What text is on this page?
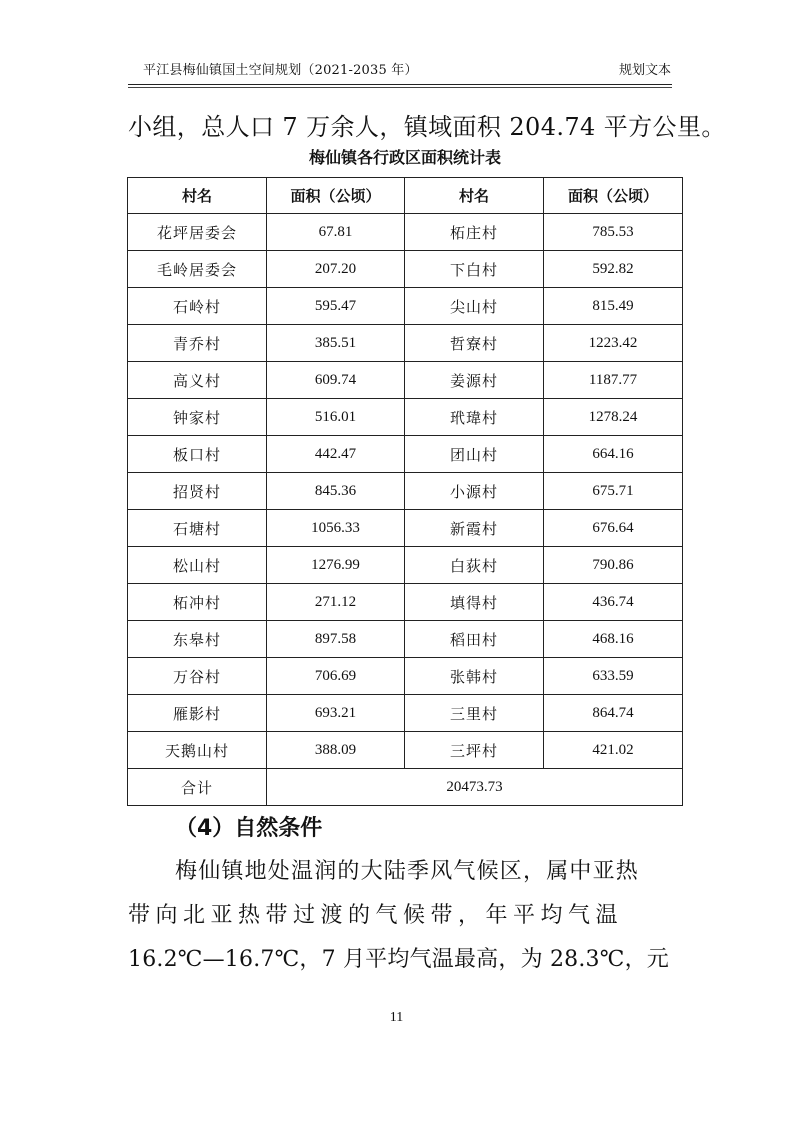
平江县梅仙镇国土空间规划（2021-2035 年）	规划文本
小组，总人口 7 万余人，镇域面积 204.74 平方公里。
梅仙镇各行政区面积统计表
村名	面积（公顷）	村名	面积（公顷）
花坪居委会	67.81	柘庄村	785.53
毛岭居委会	207.20	下白村	592.82
石岭村	595.47	尖山村	815.49
青乔村	385.51	哲寮村	1223.42
高义村	609.74	姜源村	1187.77
钟家村	516.01	玳瑋村	1278.24
板口村	442.47	团山村	664.16
招贤村	845.36	小源村	675.71
石塘村	1056.33	新霞村	676.64
松山村	1276.99	白荻村	790.86
柘冲村	271.12	填得村	436.74
东皋村	897.58	稻田村	468.16
万谷村	706.69	张韩村	633.59
雁影村	693.21	三里村	864.74
天鹅山村	388.09	三坪村	421.02
合计	20473.73		
（4）自然条件
梅仙镇地处温润的大陆季风气候区，属中亚热
带向北亚热带过渡的气候带，年平均气温
16.2℃—16.7℃，7 月平均气温最高，为 28.3℃，元
11
